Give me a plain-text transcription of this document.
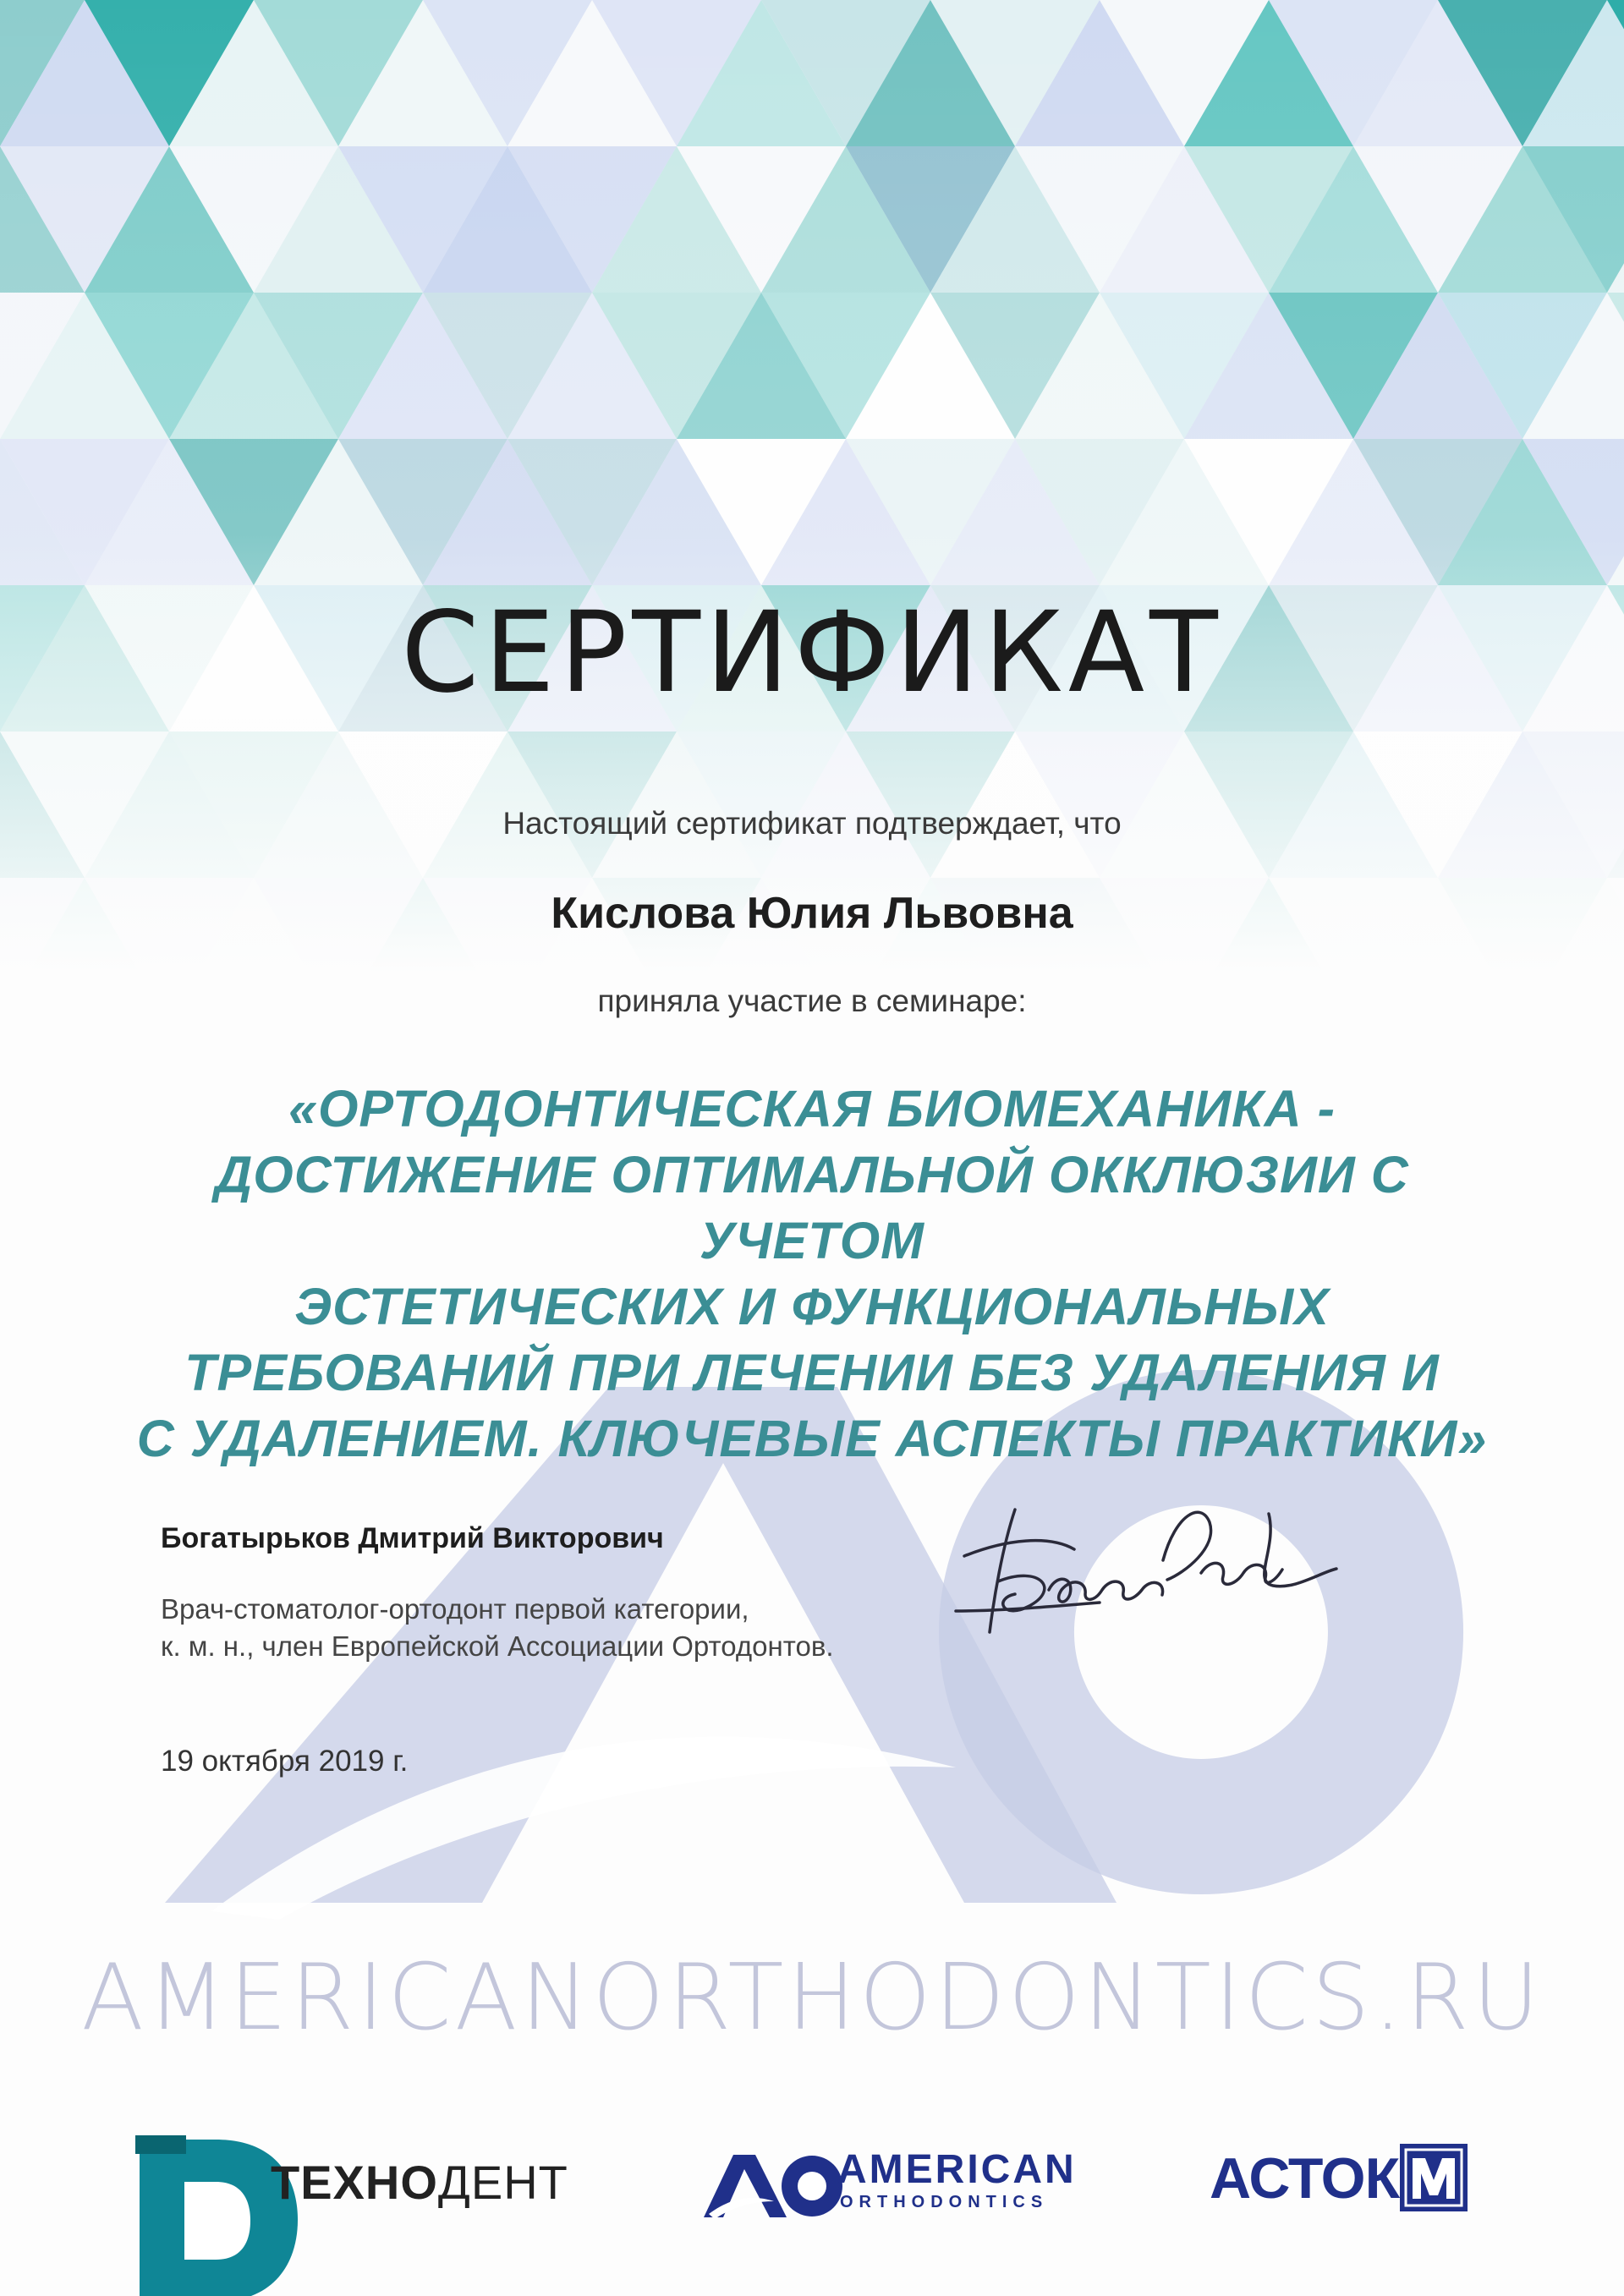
СЕРТИФИКАТ

Настоящий сертификат подтверждает, что

Кислова Юлия Львовна

приняла участие в семинаре:

«ОРТОДОНТИЧЕСКАЯ БИОМЕХАНИКА -
ДОСТИЖЕНИЕ ОПТИМАЛЬНОЙ ОККЛЮЗИИ С УЧЕТОМ
ЭСТЕТИЧЕСКИХ И ФУНКЦИОНАЛЬНЫХ
ТРЕБОВАНИЙ ПРИ ЛЕЧЕНИИ БЕЗ УДАЛЕНИЯ И
С УДАЛЕНИЕМ. КЛЮЧЕВЫЕ АСПЕКТЫ ПРАКТИКИ»

Богатырьков Дмитрий Викторович

Врач-стоматолог-ортодонт первой категории,
к. м. н., член Европейской Ассоциации Ортодонтов.

19 октября 2019 г.

AMERICANORTHODONTICS.RU
ТЕХНОДЕНТ	AMERICAN
ORTHODONTICS	АСТОК
